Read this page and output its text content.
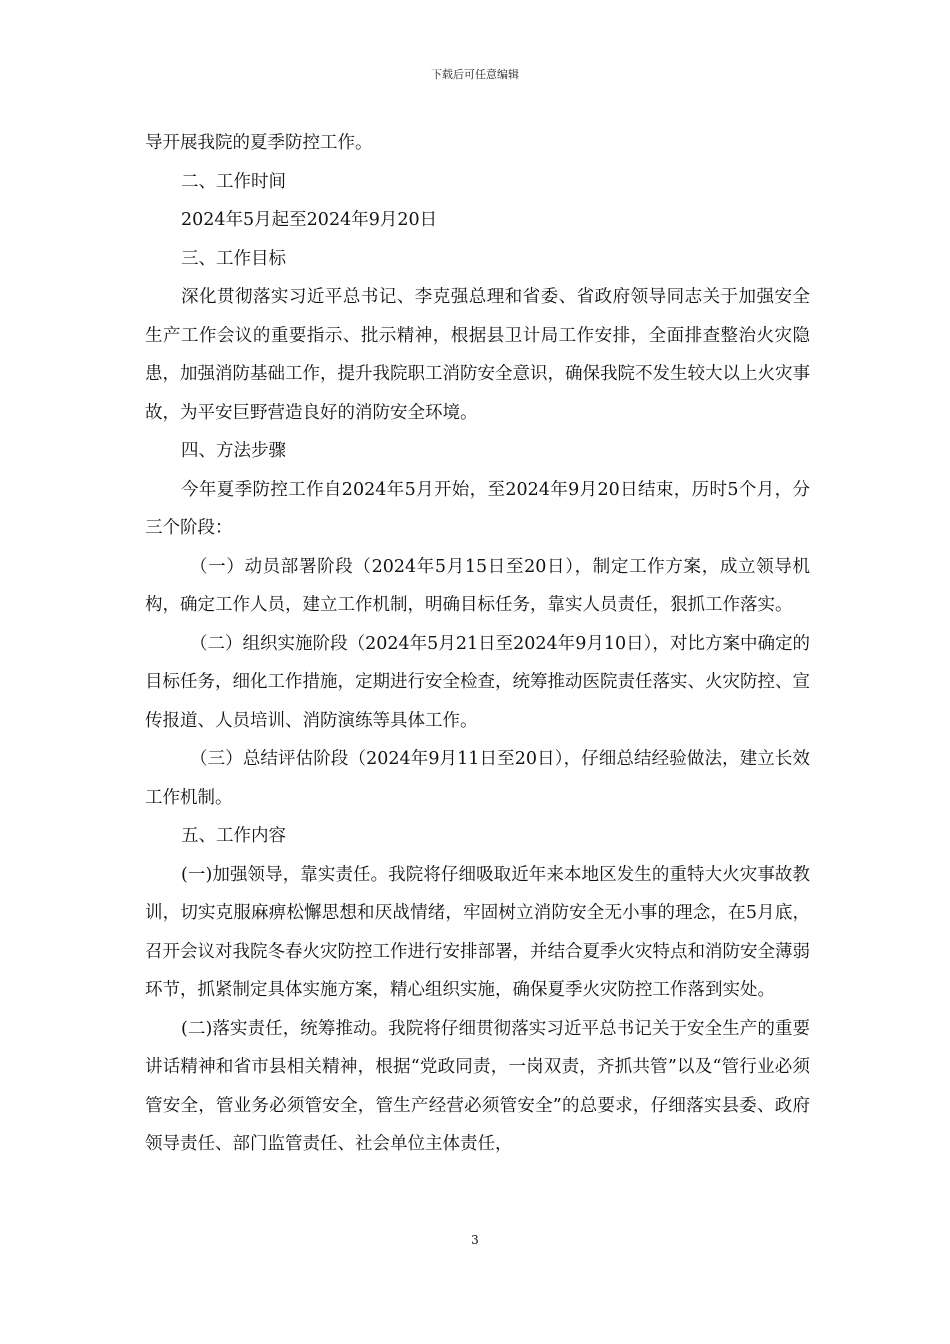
下载后可任意编辑

导开展我院的夏季防控工作。

二、工作时间

2024年5月起至2024年9月20日

三、工作目标

深化贯彻落实习近平总书记、李克强总理和省委、省政府领导同志关于加强安全生产工作会议的重要指示、批示精神，根据县卫计局工作安排，全面排查整治火灾隐患，加强消防基础工作，提升我院职工消防安全意识，确保我院不发生较大以上火灾事故，为平安巨野营造良好的消防安全环境。

四、方法步骤

今年夏季防控工作自2024年5月开始，至2024年9月20日结束，历时5个月，分三个阶段：

（一）动员部署阶段（2024年5月15日至20日），制定工作方案，成立领导机构，确定工作人员，建立工作机制，明确目标任务，靠实人员责任，狠抓工作落实。

（二）组织实施阶段（2024年5月21日至2024年9月10日），对比方案中确定的目标任务，细化工作措施，定期进行安全检查，统筹推动医院责任落实、火灾防控、宣传报道、人员培训、消防演练等具体工作。

（三）总结评估阶段（2024年9月11日至20日），仔细总结经验做法，建立长效工作机制。

五、工作内容

(一)加强领导，靠实责任。我院将仔细吸取近年来本地区发生的重特大火灾事故教训，切实克服麻痹松懈思想和厌战情绪，牢固树立消防安全无小事的理念，在5月底，召开会议对我院冬春火灾防控工作进行安排部署，并结合夏季火灾特点和消防安全薄弱环节，抓紧制定具体实施方案，精心组织实施，确保夏季火灾防控工作落到实处。

(二)落实责任，统筹推动。我院将仔细贯彻落实习近平总书记关于安全生产的重要讲话精神和省市县相关精神，根据“党政同责，一岗双责，齐抓共管”以及“管行业必须管安全，管业务必须管安全，管生产经营必须管安全”的总要求，仔细落实县委、政府领导责任、部门监管责任、社会单位主体责任，

3
